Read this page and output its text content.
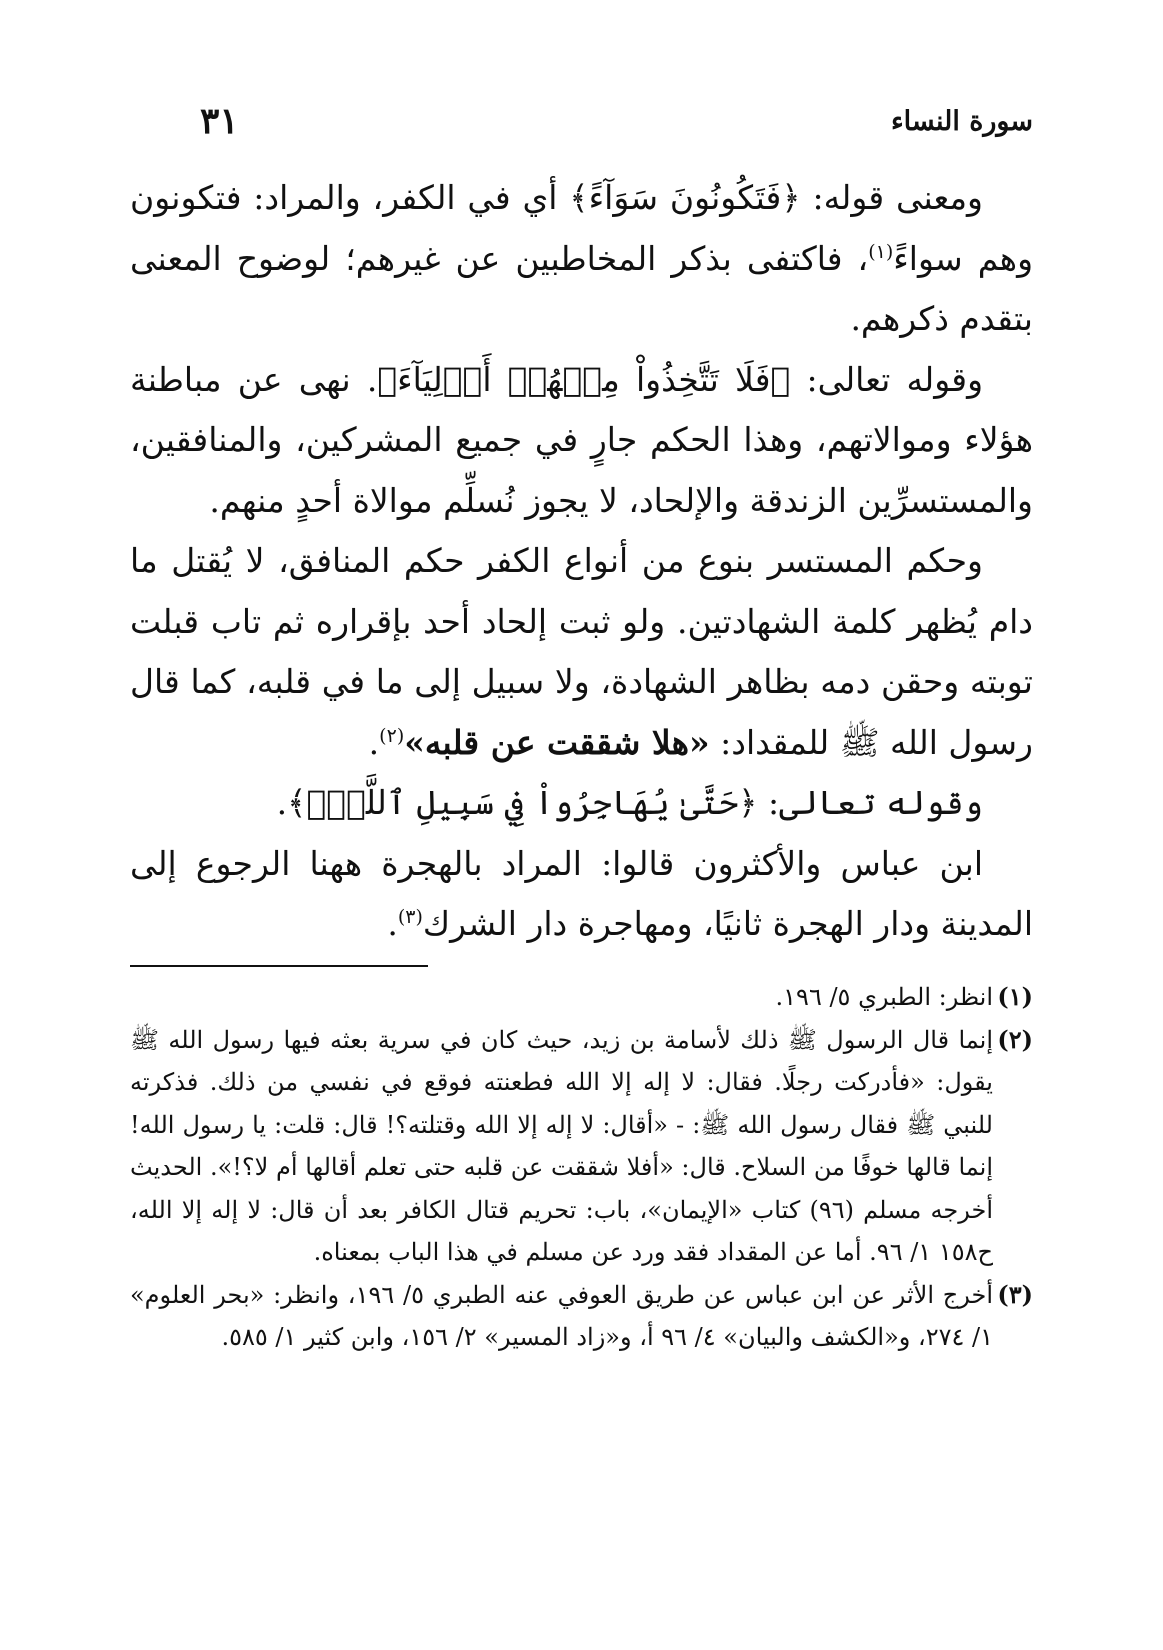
سورة النساء
٣١

ومعنى قوله: ﴿فَتَكُونُونَ سَوَآءً﴾ أي في الكفر، والمراد: فتكونون وهم سواءً$^{(١)}$، فاكتفى بذكر المخاطبين عن غيرهم؛ لوضوح المعنى بتقدم ذكرهم.

وقوله تعالى: ﴿فَلَا تَتَّخِذُواْ مِنۡهُمۡ أَوۡلِيَآءَ﴾. نهى عن مباطنة هؤلاء وموالاتهم، وهذا الحكم جارٍ في جميع المشركين، والمنافقين، والمستسرِّين الزندقة والإلحاد، لا يجوز نُسلِّم موالاة أحدٍ منهم.

وحكم المستسر بنوع من أنواع الكفر حكم المنافق، لا يُقتل ما دام يُظهر كلمة الشهادتين. ولو ثبت إلحاد أحد بإقراره ثم تاب قبلت توبته وحقن دمه بظاهر الشهادة، ولا سبيل إلى ما في قلبه، كما قال رسول الله ﷺ للمقداد: «هلا شققت عن قلبه»$^{(٢)}$.

وقوله تعالى: ﴿حَتَّىٰ يُهَاجِرُواْ فِي سَبِيلِ ٱللَّهِۚ﴾.

ابن عباس والأكثرون قالوا: المراد بالهجرة ههنا الرجوع إلى المدينة ودار الهجرة ثانيًا، ومهاجرة دار الشرك$^{(٣)}$.

(١)
انظر: الطبري ٥/ ١٩٦.
(٢)
إنما قال الرسول ﷺ ذلك لأسامة بن زيد، حيث كان في سرية بعثه فيها رسول الله ﷺ يقول: «فأدركت رجلًا. فقال: لا إله إلا الله فطعنته فوقع في نفسي من ذلك. فذكرته للنبي ﷺ فقال رسول الله ﷺ: - «أقال: لا إله إلا الله وقتلته؟! قال: قلت: يا رسول الله! إنما قالها خوفًا من السلاح. قال: «أفلا شققت عن قلبه حتى تعلم أقالها أم لا؟!». الحديث أخرجه مسلم (٩٦) كتاب «الإيمان»، باب: تحريم قتال الكافر بعد أن قال: لا إله إلا الله، ح١٥٨ ١/ ٩٦. أما عن المقداد فقد ورد عن مسلم في هذا الباب بمعناه.
(٣)
أخرج الأثر عن ابن عباس عن طريق العوفي عنه الطبري ٥/ ١٩٦، وانظر: «بحر العلوم» ١/ ٢٧٤، و«الكشف والبيان» ٤/ ٩٦ أ، و«زاد المسير» ٢/ ١٥٦، وابن كثير ١/ ٥٨٥.
